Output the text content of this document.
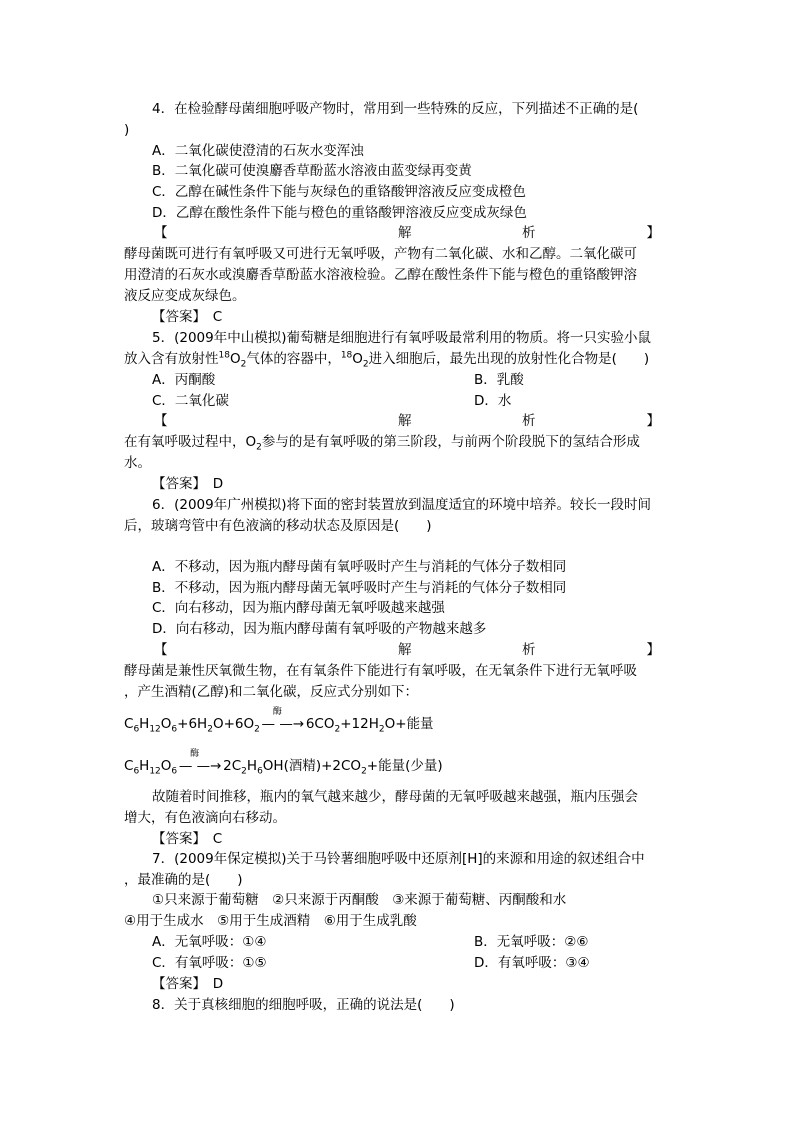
4．在检验酵母菌细胞呼吸产物时，常用到一些特殊的反应，下列描述不正确的是(
)
A．二氧化碳使澄清的石灰水变浑浊
B．二氧化碳可使溴麝香草酚蓝水溶液由蓝变绿再变黄
C．乙醇在碱性条件下能与灰绿色的重铬酸钾溶液反应变成橙色
D．乙醇在酸性条件下能与橙色的重铬酸钾溶液反应变成灰绿色
【	解	析	】
酵母菌既可进行有氧呼吸又可进行无氧呼吸，产物有二氧化碳、水和乙醇。二氧化碳可
用澄清的石灰水或溴麝香草酚蓝水溶液检验。乙醇在酸性条件下能与橙色的重铬酸钾溶
液反应变成灰绿色。
【答案】　C
5．(2009年中山模拟)葡萄糖是细胞进行有氧呼吸最常利用的物质。将一只实验小鼠
放入含有放射性$^{18}O_2$气体的容器中，$^{18}O_2$进入细胞后，最先出现的放射性化合物是(　　)
A．丙酮酸	B．乳酸
C．二氧化碳	D．水
【	解	析	】
在有氧呼吸过程中，$O_2$参与的是有氧呼吸的第三阶段，与前两个阶段脱下的氢结合形成
水。
【答案】　D
6．(2009年广州模拟)将下面的密封装置放到温度适宜的环境中培养。较长一段时间
后，玻璃弯管中有色液滴的移动状态及原因是(　　)
A．不移动，因为瓶内酵母菌有氧呼吸时产生与消耗的气体分子数相同
B．不移动，因为瓶内酵母菌无氧呼吸时产生与消耗的气体分子数相同
C．向右移动，因为瓶内酵母菌无氧呼吸越来越强
D．向右移动，因为瓶内酵母菌有氧呼吸的产物越来越多
【	解	析	】
酵母菌是兼性厌氧微生物，在有氧条件下能进行有氧呼吸，在无氧条件下进行无氧呼吸
，产生酒精(乙醇)和二氧化碳，反应式分别如下：
$C_6H_{12}O_6+6H_2O+6O_2$
酶
— —→ $6CO_2+12H_2O+$能量
$C_6H_{12}O_6$
酶
— —→ $2C_2H_6OH$(酒精)$+2CO_2+$能量(少量)
故随着时间推移，瓶内的氧气越来越少，酵母菌的无氧呼吸越来越强，瓶内压强会
增大，有色液滴向右移动。
【答案】　C
7．(2009年保定模拟)关于马铃薯细胞呼吸中还原剂[H]的来源和用途的叙述组合中
，最准确的是(　　)
①只来源于葡萄糖　②只来源于丙酮酸　③来源于葡萄糖、丙酮酸和水
④用于生成水　⑤用于生成酒精　⑥用于生成乳酸
A．无氧呼吸：①④	B．无氧呼吸：②⑥
C．有氧呼吸：①⑤	D．有氧呼吸：③④
【答案】　D
8．关于真核细胞的细胞呼吸，正确的说法是(　　)
